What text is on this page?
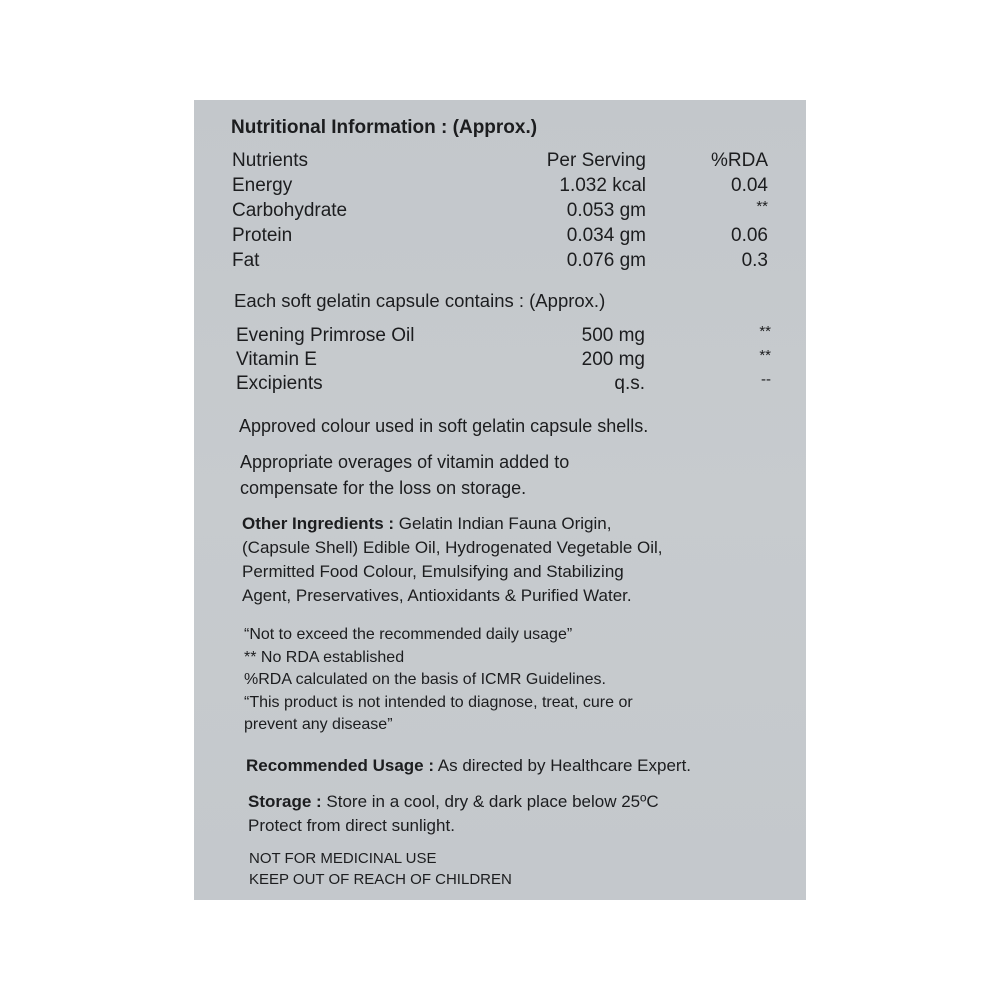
Nutritional Information : (Approx.)
Nutrients	Per Serving	%RDA
Energy	1.032 kcal	0.04
Carbohydrate	0.053 gm	**
Protein	0.034 gm	0.06
Fat	0.076 gm	0.3
Each soft gelatin capsule contains : (Approx.)
Evening Primrose Oil	500 mg	**
Vitamin E	200 mg	**
Excipients	q.s.	--
Approved colour used in soft gelatin capsule shells.
Appropriate overages of vitamin added to
compensate for the loss on storage.
Other Ingredients : Gelatin Indian Fauna Origin,
(Capsule Shell) Edible Oil, Hydrogenated Vegetable Oil,
Permitted Food Colour, Emulsifying and Stabilizing
Agent, Preservatives, Antioxidants & Purified Water.
“Not to exceed the recommended daily usage”
** No RDA established
%RDA calculated on the basis of ICMR Guidelines.
“This product is not intended to diagnose, treat, cure or
prevent any disease”
Recommended Usage : As directed by Healthcare Expert.
Storage : Store in a cool, dry & dark place below 25ºC
Protect from direct sunlight.
NOT FOR MEDICINAL USE
KEEP OUT OF REACH OF CHILDREN
